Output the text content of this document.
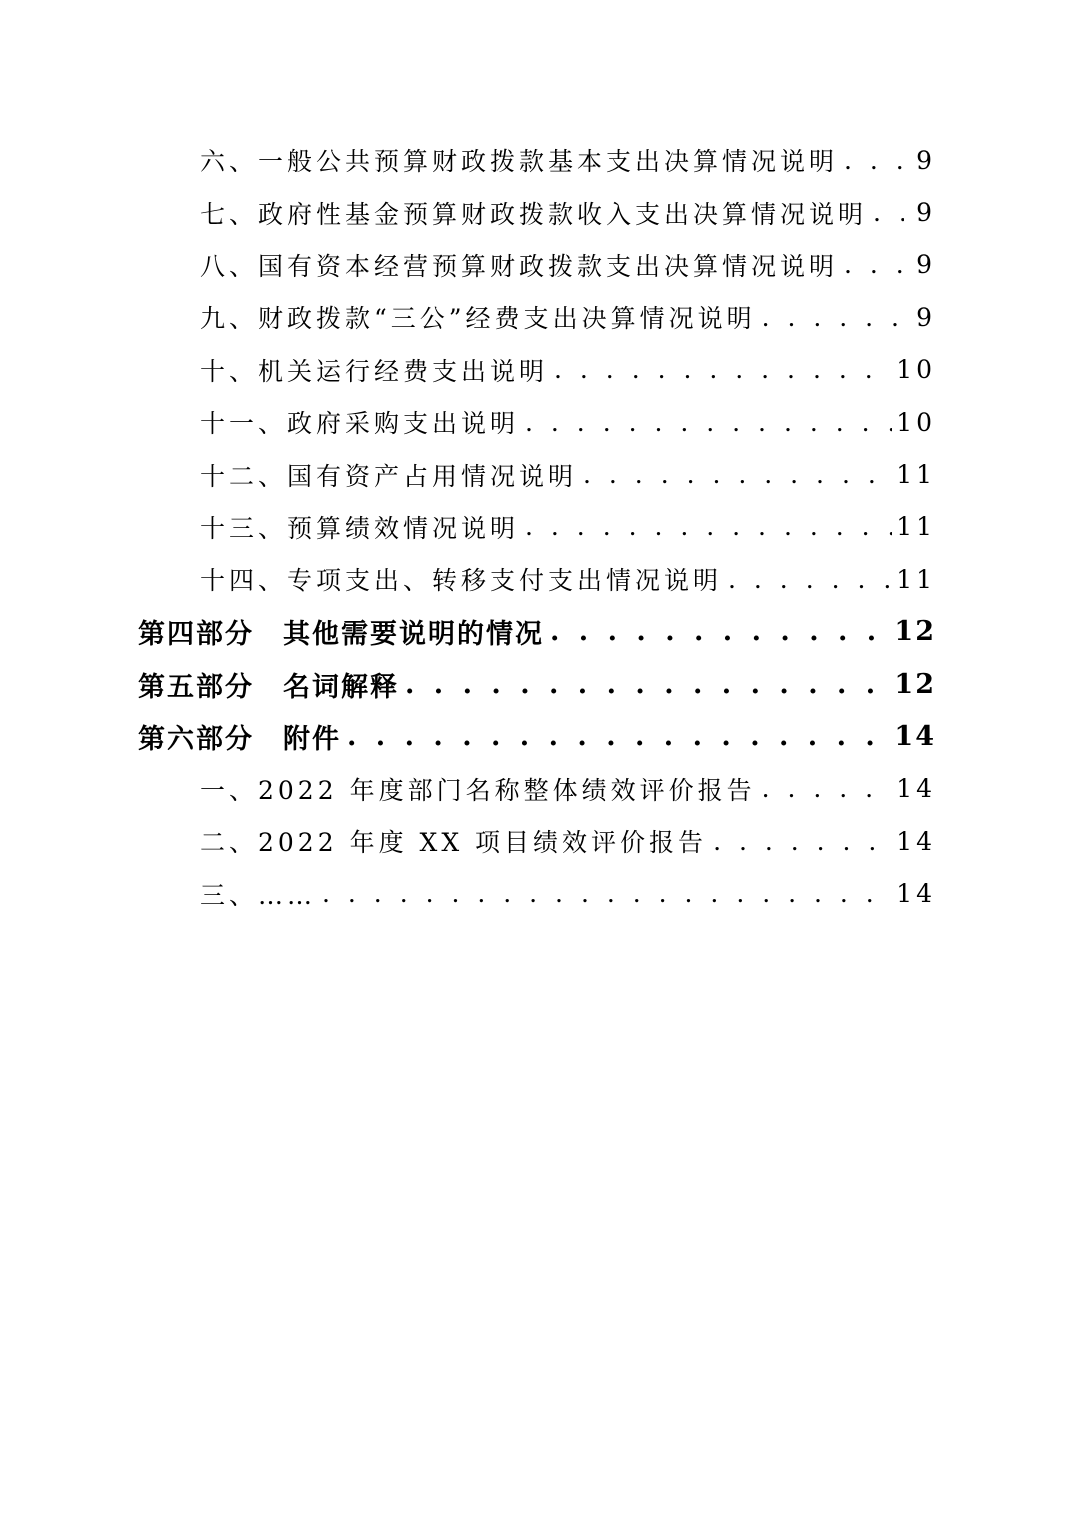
六、一般公共预算财政拨款基本支出决算情况说明 . . .	9
七、政府性基金预算财政拨款收入支出决算情况说明 . . .	9
八、国有资本经营预算财政拨款支出决算情况说明 . . .	9
九、财政拨款“三公”经费支出决算情况说明 . . .	9
十、机关运行经费支出说明 . . .	10
十一、政府采购支出说明 . . .	10
十二、国有资产占用情况说明 . . .	11
十三、预算绩效情况说明 . . .	11
十四、专项支出、转移支付支出情况说明 . . .	11
第四部分　其他需要说明的情况 . . .	12
第五部分　名词解释 . . .	12
第六部分　附件 . . .	14
一、2022 年度部门名称整体绩效评价报告 . . .	14
二、2022 年度 XX 项目绩效评价报告 . . .	14
三、…… . . .	14
